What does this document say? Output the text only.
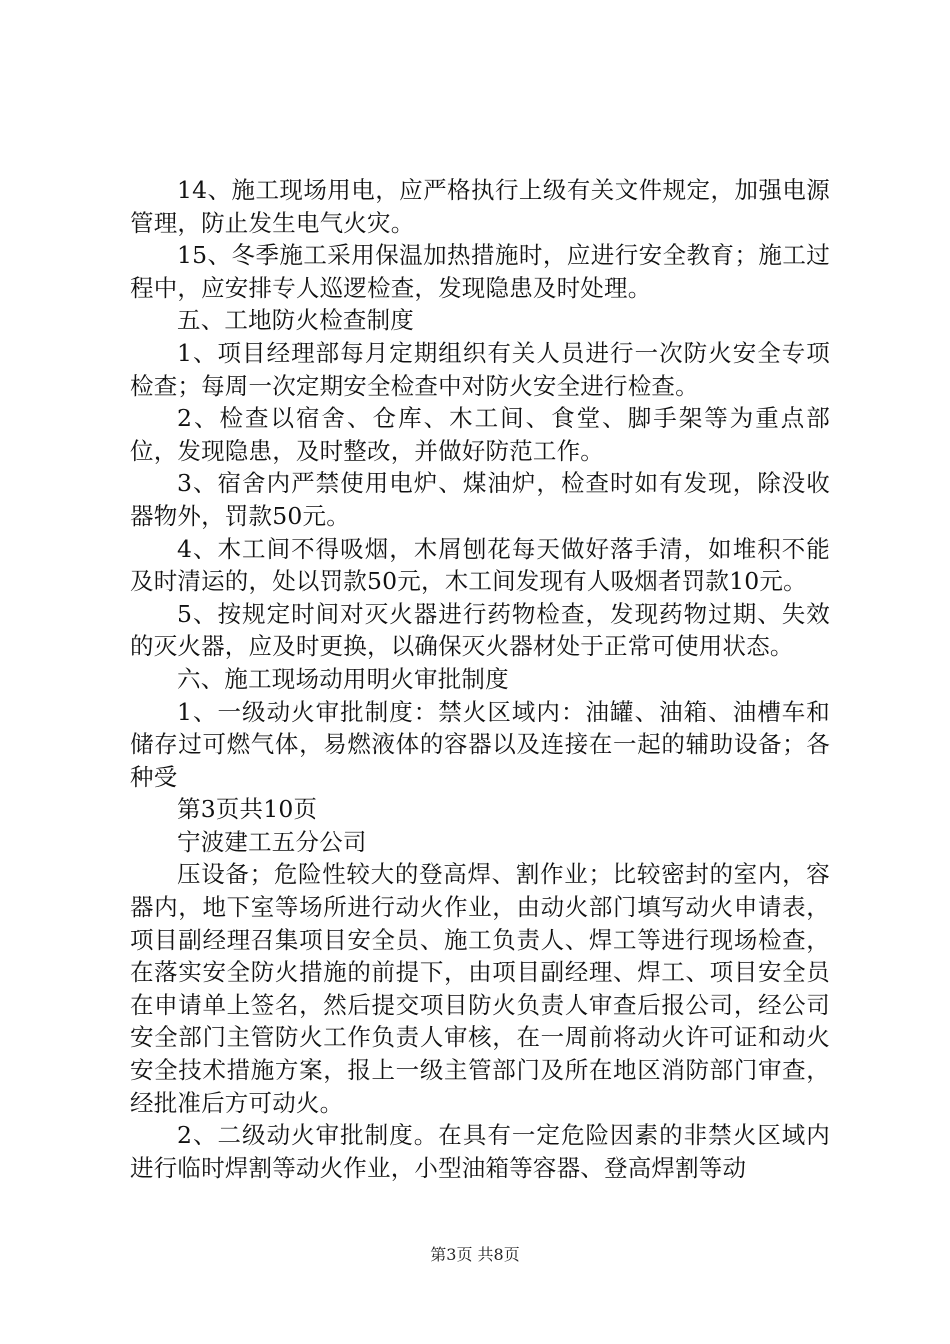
14、施工现场用电，应严格执行上级有关文件规定，加强电源管理，防止发生电气火灾。

15、冬季施工采用保温加热措施时，应进行安全教育；施工过程中，应安排专人巡逻检查，发现隐患及时处理。

五、工地防火检查制度

1、项目经理部每月定期组织有关人员进行一次防火安全专项检查；每周一次定期安全检查中对防火安全进行检查。

2、检查以宿舍、仓库、木工间、食堂、脚手架等为重点部位，发现隐患，及时整改，并做好防范工作。

3、宿舍内严禁使用电炉、煤油炉，检查时如有发现，除没收器物外，罚款50元。

4、木工间不得吸烟，木屑刨花每天做好落手清，如堆积不能及时清运的，处以罚款50元，木工间发现有人吸烟者罚款10元。

5、按规定时间对灭火器进行药物检查，发现药物过期、失效的灭火器，应及时更换，以确保灭火器材处于正常可使用状态。

六、施工现场动用明火审批制度

1、一级动火审批制度：禁火区域内：油罐、油箱、油槽车和储存过可燃气体，易燃液体的容器以及连接在一起的辅助设备；各种受

第3页共10页

宁波建工五分公司

压设备；危险性较大的登高焊、割作业；比较密封的室内，容器内，地下室等场所进行动火作业，由动火部门填写动火申请表，项目副经理召集项目安全员、施工负责人、焊工等进行现场检查，在落实安全防火措施的前提下，由项目副经理、焊工、项目安全员在申请单上签名，然后提交项目防火负责人审查后报公司，经公司安全部门主管防火工作负责人审核，在一周前将动火许可证和动火安全技术措施方案，报上一级主管部门及所在地区消防部门审查，经批准后方可动火。

2、二级动火审批制度。在具有一定危险因素的非禁火区域内进行临时焊割等动火作业，小型油箱等容器、登高焊割等动

第3页 共8页
